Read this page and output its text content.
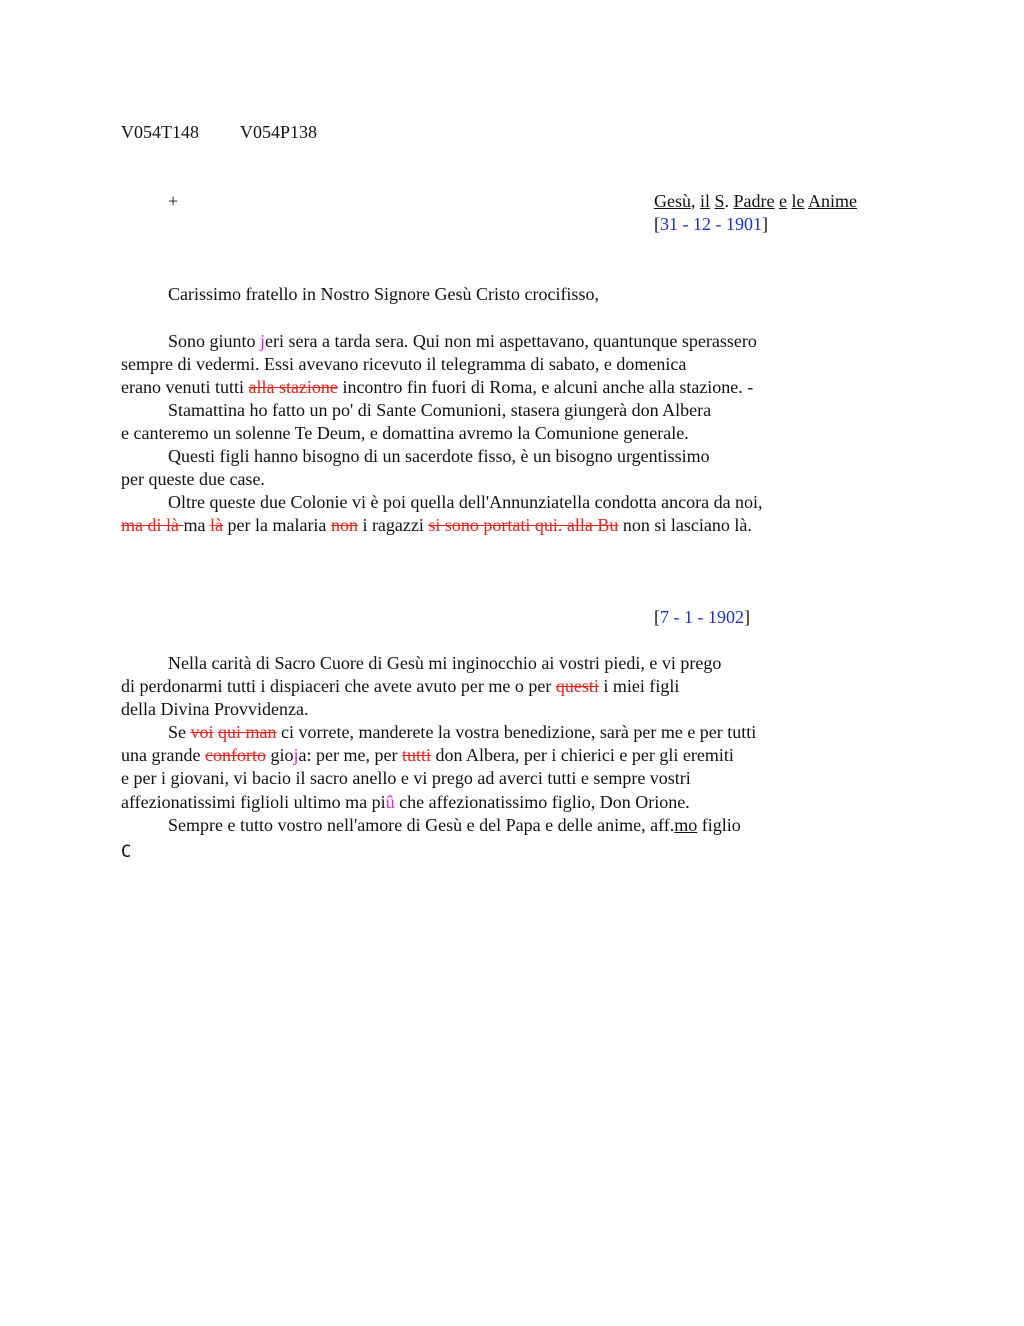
V054T148 V054P138
+	Gesù, il S. Padre e le Anime
[31 - 12 - 1901]
Carissimo fratello in Nostro Signore Gesù Cristo crocifisso,
Sono giunto jeri sera a tarda sera. Qui non mi aspettavano, quantunque sperassero
sempre di vedermi. Essi avevano ricevuto il telegramma di sabato, e domenica
erano venuti tutti alla stazione incontro fin fuori di Roma, e alcuni anche alla stazione. -
Stamattina ho fatto un po' di Sante Comunioni, stasera giungerà don Albera
e canteremo un solenne Te Deum, e domattina avremo la Comunione generale.
Questi figli hanno bisogno di un sacerdote fisso, è un bisogno urgentissimo
per queste due case.
Oltre queste due Colonie vi è poi quella dell'Annunziatella condotta ancora da noi,
ma di là ma là per la malaria non i ragazzi si sono portati qui. alla Bu non si lasciano là.
[7 - 1 - 1902]
Nella carità di Sacro Cuore di Gesù mi inginocchio ai vostri piedi, e vi prego
di perdonarmi tutti i dispiaceri che avete avuto per me o per questi i miei figli
della Divina Provvidenza.
Se voi qui man ci vorrete, manderete la vostra benedizione, sarà per me e per tutti
una grande conforto gioja: per me, per tutti don Albera, per i chierici e per gli eremiti
e per i giovani, vi bacio il sacro anello e vi prego ad averci tutti e sempre vostri
affezionatissimi figlioli ultimo ma piû che affezionatissimo figlio, Don Orione.
Sempre e tutto vostro nell'amore di Gesù e del Papa e delle anime, aff.mo figlio
C
